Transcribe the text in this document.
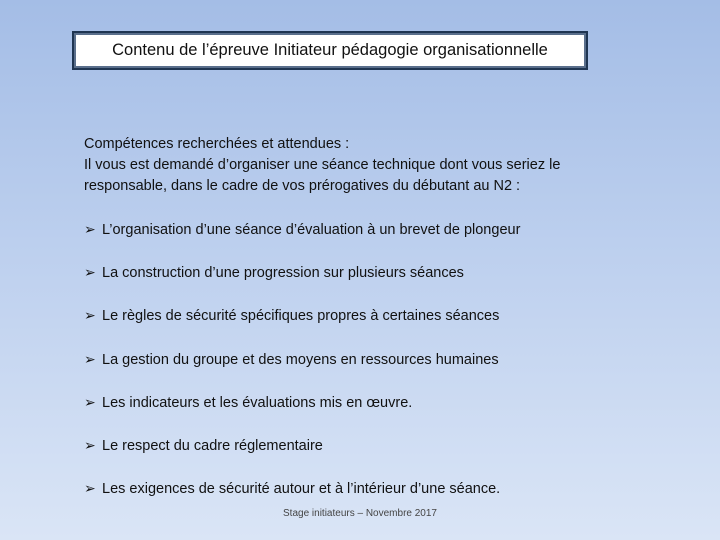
Contenu de l’épreuve Initiateur pédagogie organisationnelle
Compétences recherchées et attendues :
Il vous est demandé d’organiser une séance technique dont vous seriez le
responsable, dans le cadre de vos prérogatives du débutant au N2 :
➢ L’organisation d’une séance d’évaluation à un brevet de plongeur
➢ La construction d’une progression sur plusieurs séances
➢ Le règles de sécurité spécifiques propres à certaines séances
➢ La gestion du groupe et des moyens en ressources humaines
➢ Les indicateurs et les évaluations mis en œuvre.
➢ Le respect du cadre réglementaire
➢ Les exigences de sécurité autour et à l’intérieur d’une séance.
Stage initiateurs – Novembre 2017
